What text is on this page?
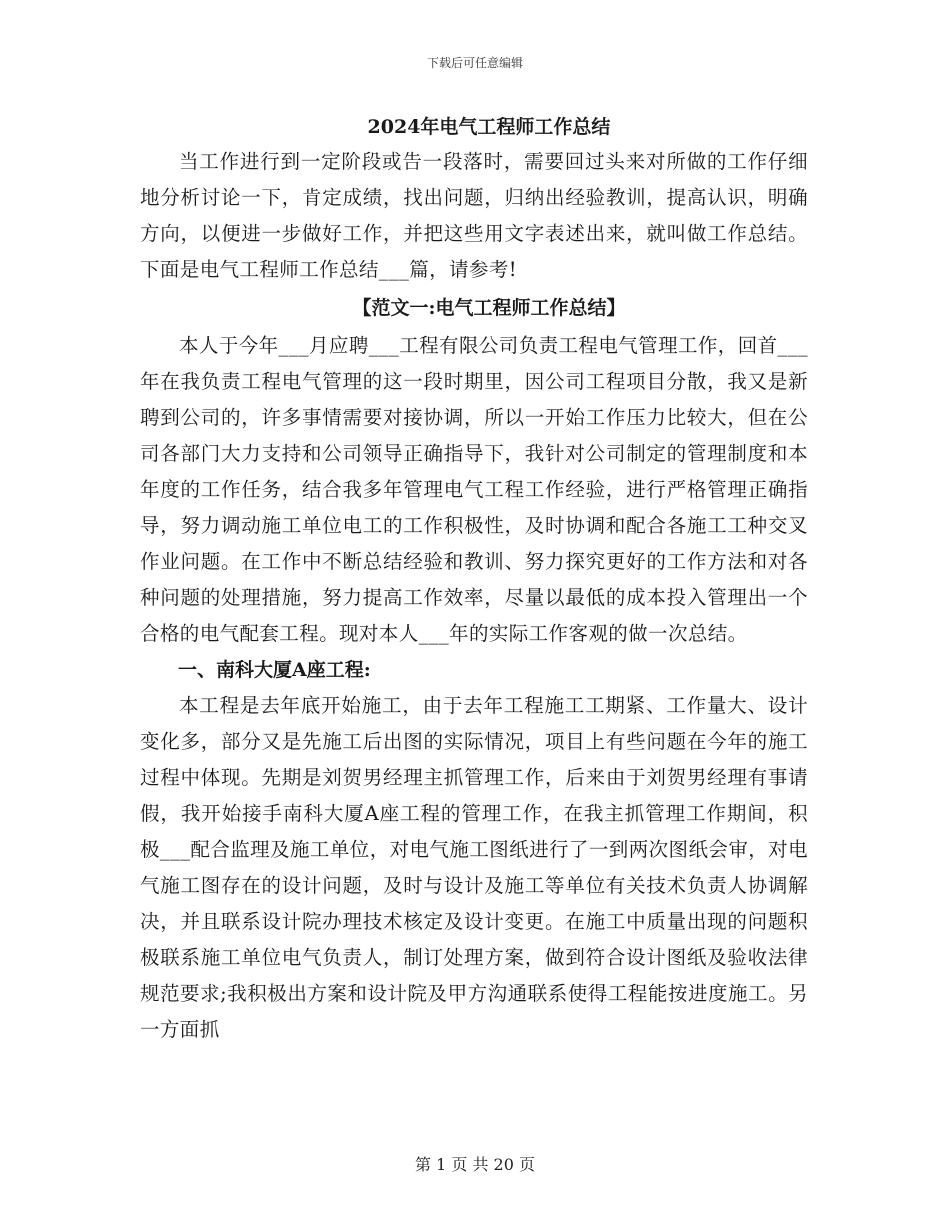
下载后可任意编辑
2024年电气工程师工作总结

当工作进行到一定阶段或告一段落时，需要回过头来对所做的工作仔细地分析讨论一下，肯定成绩，找出问题，归纳出经验教训，提高认识，明确方向，以便进一步做好工作，并把这些用文字表述出来，就叫做工作总结。下面是电气工程师工作总结___篇，请参考!

【范文一:电气工程师工作总结】

本人于今年___月应聘___工程有限公司负责工程电气管理工作，回首___年在我负责工程电气管理的这一段时期里，因公司工程项目分散，我又是新聘到公司的，许多事情需要对接协调，所以一开始工作压力比较大，但在公司各部门大力支持和公司领导正确指导下，我针对公司制定的管理制度和本年度的工作任务，结合我多年管理电气工程工作经验，进行严格管理正确指导，努力调动施工单位电工的工作积极性，及时协调和配合各施工工种交叉作业问题。在工作中不断总结经验和教训、努力探究更好的工作方法和对各种问题的处理措施，努力提高工作效率，尽量以最低的成本投入管理出一个合格的电气配套工程。现对本人___年的实际工作客观的做一次总结。

一、南科大厦A座工程:

本工程是去年底开始施工，由于去年工程施工工期紧、工作量大、设计变化多，部分又是先施工后出图的实际情况，项目上有些问题在今年的施工过程中体现。先期是刘贺男经理主抓管理工作，后来由于刘贺男经理有事请假，我开始接手南科大厦A座工程的管理工作，在我主抓管理工作期间，积极___配合监理及施工单位，对电气施工图纸进行了一到两次图纸会审，对电气施工图存在的设计问题，及时与设计及施工等单位有关技术负责人协调解决，并且联系设计院办理技术核定及设计变更。在施工中质量出现的问题积极联系施工单位电气负责人，制订处理方案，做到符合设计图纸及验收法律规范要求;我积极出方案和设计院及甲方沟通联系使得工程能按进度施工。另一方面抓

第 1 页 共 20 页
